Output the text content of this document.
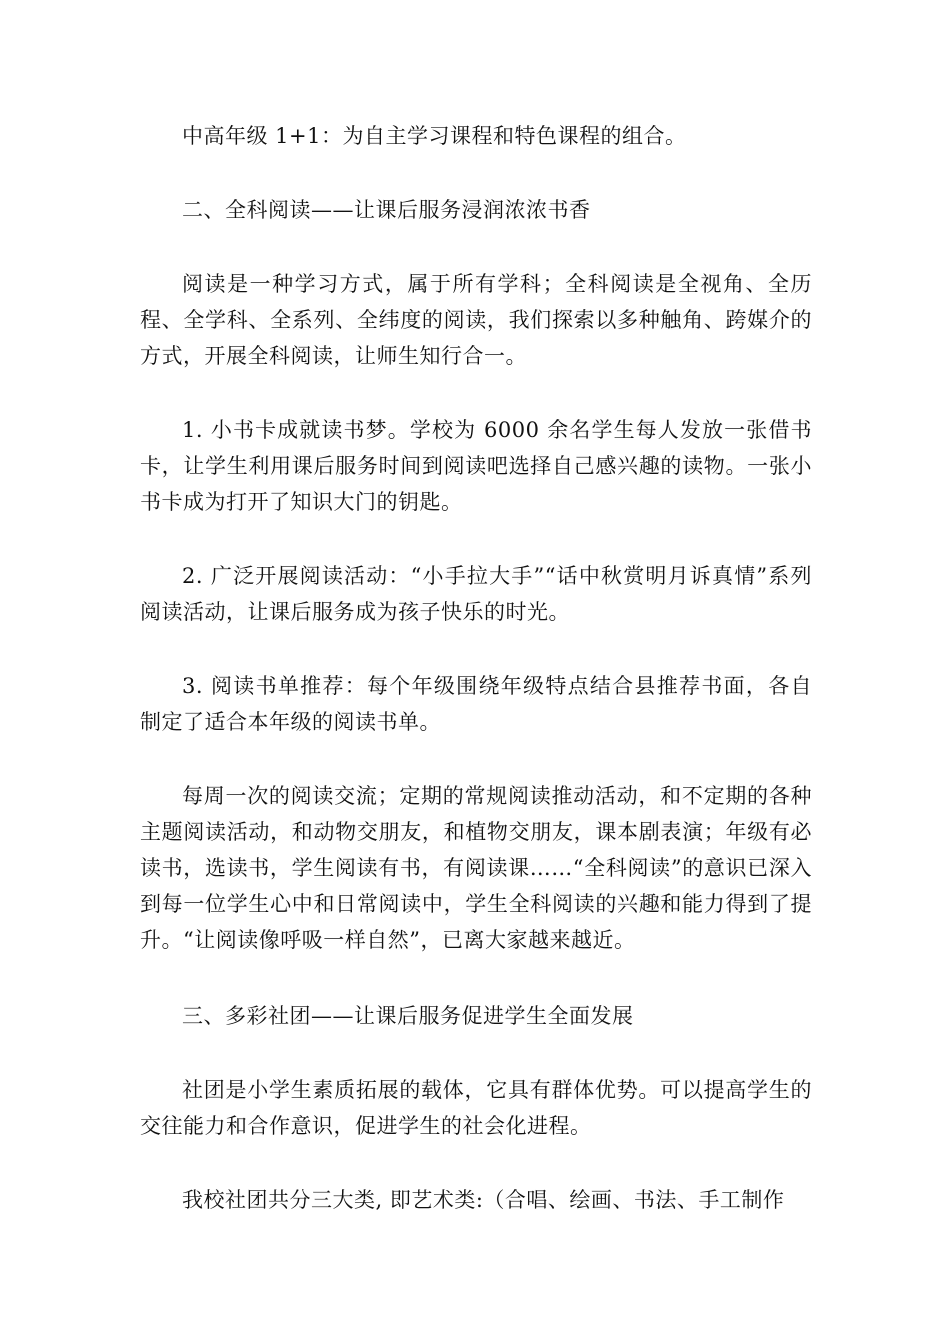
中高年级 1+1：为自主学习课程和特色课程的组合。

二、全科阅读——让课后服务浸润浓浓书香

阅读是一种学习方式，属于所有学科；全科阅读是全视角、全历程、全学科、全系列、全纬度的阅读，我们探索以多种触角、跨媒介的方式，开展全科阅读，让师生知行合一。

1. 小书卡成就读书梦。学校为 6000 余名学生每人发放一张借书卡，让学生利用课后服务时间到阅读吧选择自己感兴趣的读物。一张小书卡成为打开了知识大门的钥匙。

2. 广泛开展阅读活动：“小手拉大手”“话中秋赏明月诉真情”系列阅读活动，让课后服务成为孩子快乐的时光。

3. 阅读书单推荐：每个年级围绕年级特点结合县推荐书面，各自制定了适合本年级的阅读书单。

每周一次的阅读交流；定期的常规阅读推动活动，和不定期的各种主题阅读活动，和动物交朋友，和植物交朋友，课本剧表演；年级有必读书，选读书，学生阅读有书，有阅读课……“全科阅读”的意识已深入到每一位学生心中和日常阅读中，学生全科阅读的兴趣和能力得到了提升。“让阅读像呼吸一样自然”，已离大家越来越近。

三、多彩社团——让课后服务促进学生全面发展

社团是小学生素质拓展的载体，它具有群体优势。可以提高学生的交往能力和合作意识，促进学生的社会化进程。

我校社团共分三大类, 即艺术类:（合唱、绘画、书法、手工制作
